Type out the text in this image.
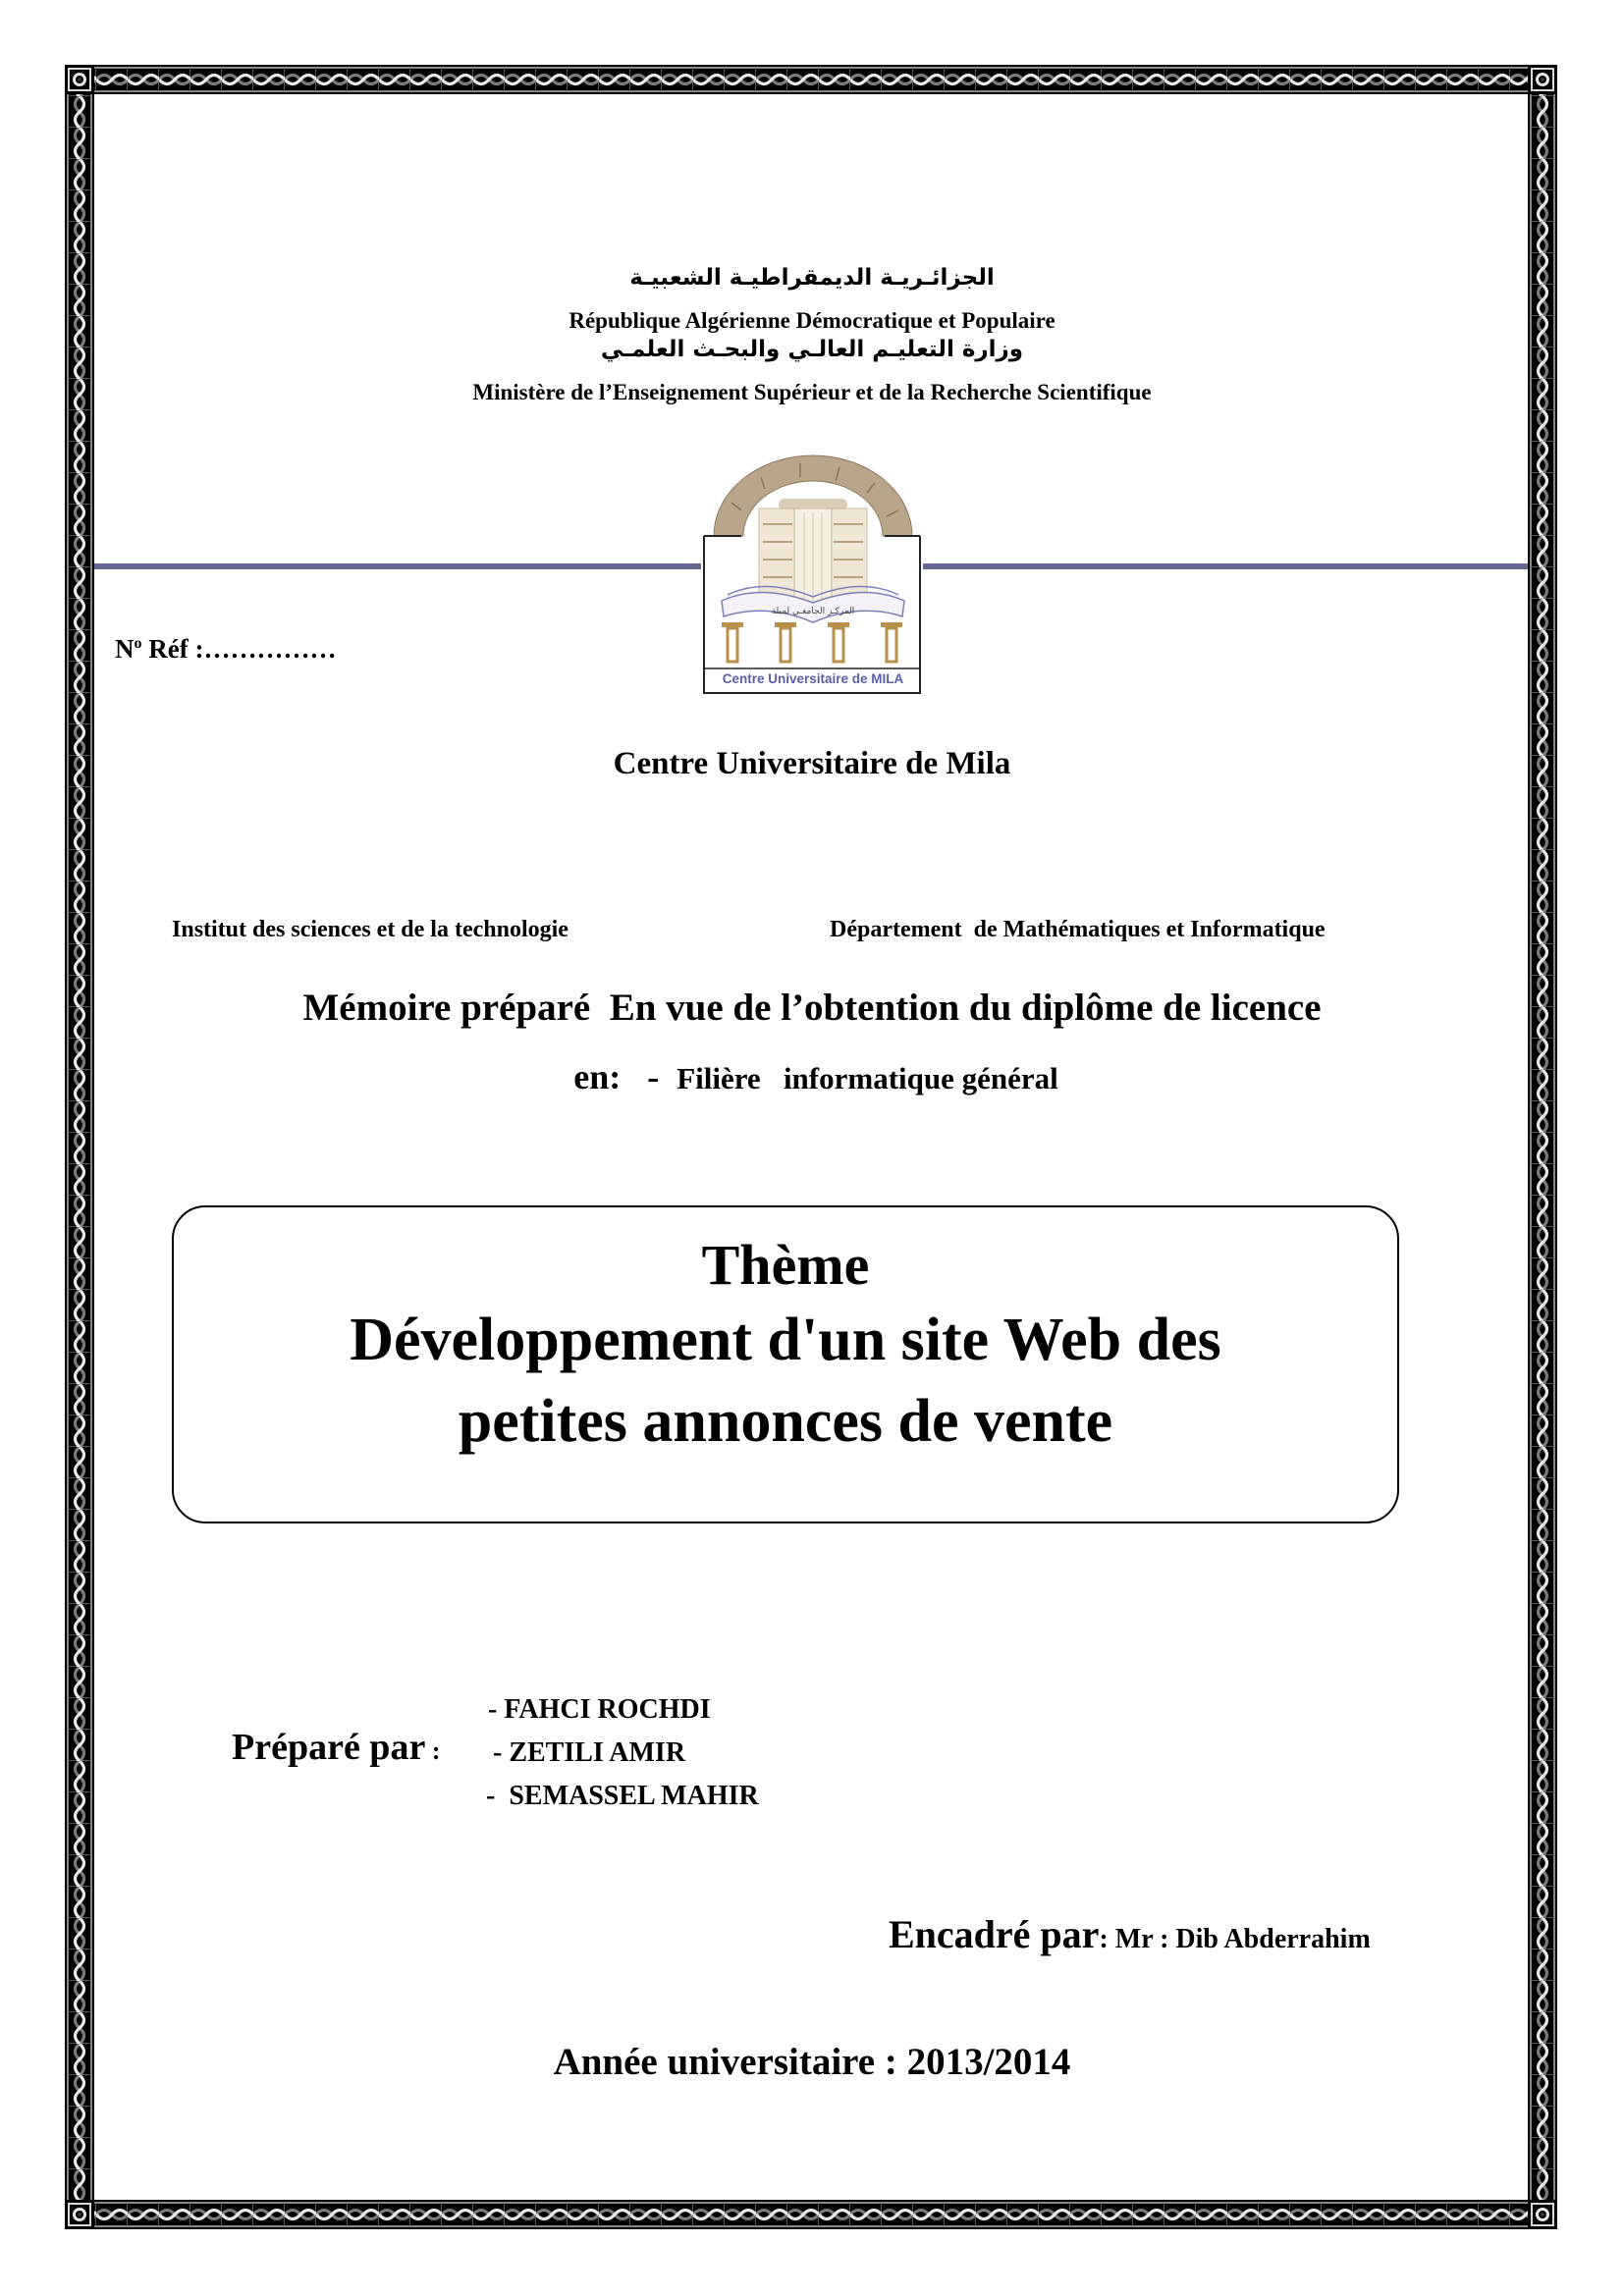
الجزائـريـة الديمقراطيـة الشعبيـة
République Algérienne Démocratique et Populaire
وزارة التعليـم العالـي والبحـث العلمـي
Ministère de l’Enseignement Supérieur et de la Recherche Scientifique
المركـز الجامعـي لميلة
Centre Universitaire de MILA
$N^o$ Réf :……………
Centre Universitaire de Mila
Institut des sciences et de la technologie	Département  de Mathématiques et Informatique
Mémoire préparé  En vue de l’obtention du diplôme de licence

en:   -  Filière   informatique général

Thème
Développement d'un site Web des
petites annonces de vente

Préparé par :

- FAHCI ROCHDI
- ZETILI AMIR
-  SEMASSEL MAHIR

Encadré par: Mr : Dib Abderrahim

Année universitaire : 2013/2014
